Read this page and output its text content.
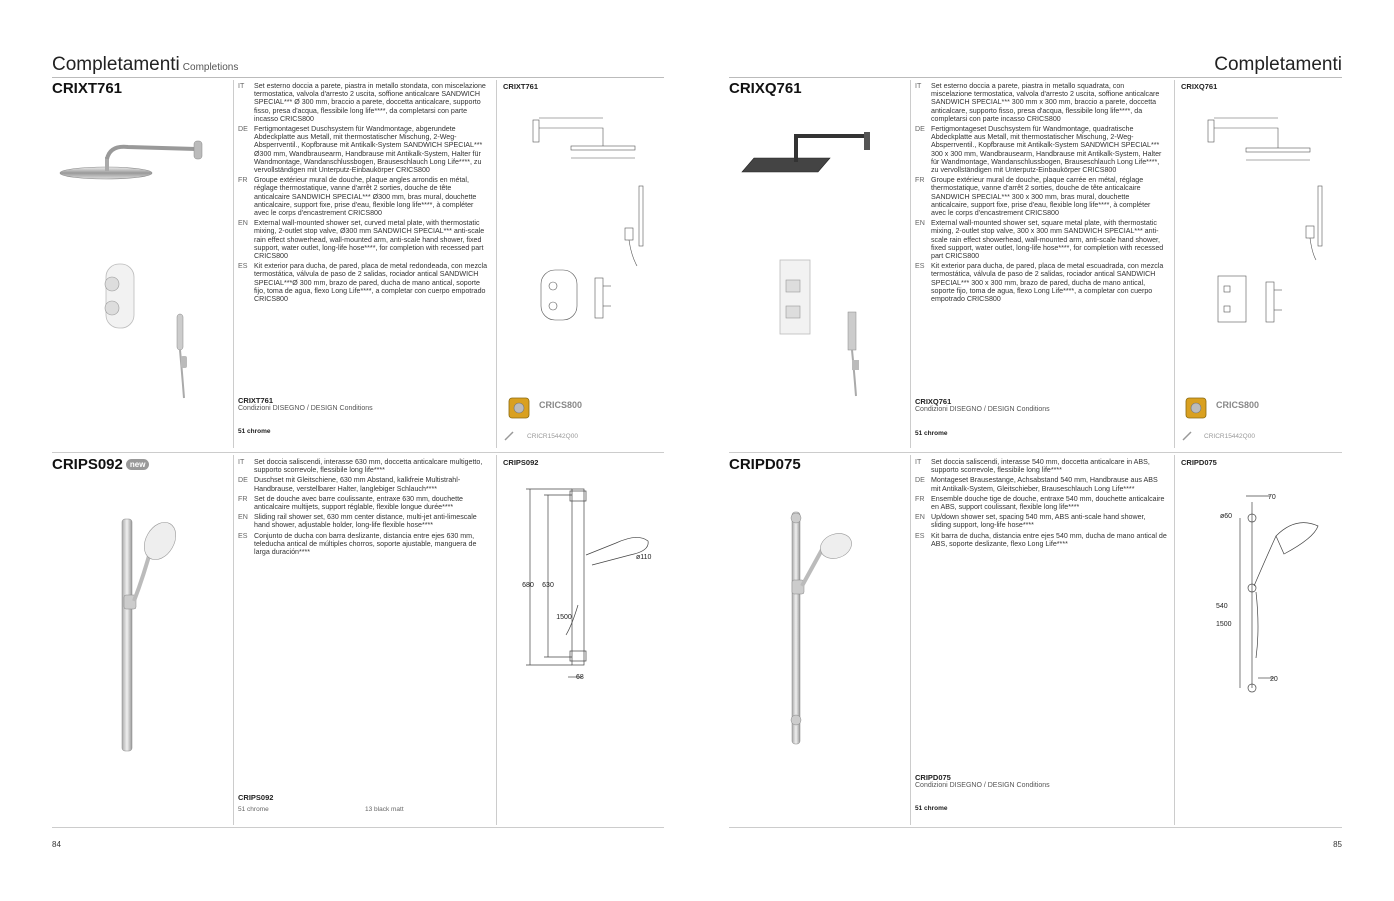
Completamenti Completions	Completamenti
CRIXT761	IT	Set esterno doccia a parete, piastra in metallo stondata, con miscelazione termostatica, valvola d'arresto 2 uscita, soffione anticalcare SANDWICH SPECIAL*** Ø 300 mm, braccio a parete, doccetta anticalcare, supporto fisso, presa d'acqua, flessibile long life****, da completarsi con parte incasso CRICS800
DE Fertigmontageset Duschsystem für Wandmontage, abgerundete Abdeckplatte aus Metall, mit thermostatischer Mischung, 2-Weg-Absperrventil., Kopfbrause mit Antikalk-System SANDWICH SPECIAL*** Ø300 mm, Wandbrausearm, Handbrause mit Antikalk-System, Halter für Wandmontage, Wandanschlussbogen, Brauseschlauch Long Life****, zu vervollständigen mit Unterputz-Einbaukörper CRICS800
FR Groupe extérieur mural de douche, plaque angles arrondis en métal, réglage thermostatique, vanne d'arrêt 2 sorties, douche de tête anticalcaire SANDWICH SPECIAL*** Ø300 mm, bras mural, douchette anticalcaire, support fixe, prise d'eau, flexible long life****, à compléter avec le corps d'encastrement CRICS800
EN External wall-mounted shower set, curved metal plate, with thermostatic mixing, 2-outlet stop valve, Ø300 mm SANDWICH SPECIAL*** anti-scale rain effect showerhead, wall-mounted arm, anti-scale hand shower, fixed support, water outlet, long-life hose****, for completion with recessed part CRICS800
ES Kit exterior para ducha, de pared, placa de metal redondeada, con mezcla termostática, válvula de paso de 2 salidas, rociador antical SANDWICH SPECIAL***Ø 300 mm, brazo de pared, ducha de mano antical, soporte fijo, toma de agua, flexo Long Life****, a completar con cuerpo empotrado CRICS800
CRIXT761
Condizioni DISEGNO / DESIGN Conditions
51 chrome
CRIXT761
CRICS800
CRICR15442Q00
CRIPS092 new	IT	Set doccia saliscendi, interasse 630 mm, doccetta anticalcare multigetto, supporto scorrevole, flessibile long life****
DE Duschset mit Gleitschiene, 630 mm Abstand, kalkfreie Multistrahl-Handbrause, verstellbarer Halter, langlebiger Schlauch****
FR Set de douche avec barre coulissante, entraxe 630 mm, douchette anticalcaire multijets, support réglable, flexible longue durée****
EN Sliding rail shower set, 630 mm center distance, multi-jet anti-limescale hand shower, adjustable holder, long-life flexible hose****
ES Conjunto de ducha con barra deslizante, distancia entre ejes 630 mm, teleducha antical de múltiples chorros, soporte ajustable, manguera de larga duración****
CRIPS092
51 chrome	13 black matt
CRIPS092
680 630
1500
ø110
68
84
CRIXQ761	IT	Set esterno doccia a parete, piastra in metallo squadrata, con miscelazione termostatica, valvola d'arresto 2 uscita, soffione anticalcare SANDWICH SPECIAL*** 300 mm x 300 mm, braccio a parete, doccetta anticalcare, supporto fisso, presa d'acqua, flessibile long life****, da completarsi con parte incasso CRICS800
DE Fertigmontageset Duschsystem für Wandmontage, quadratische Abdeckplatte aus Metall, mit thermostatischer Mischung, 2-Weg-Absperrventil., Kopfbrause mit Antikalk-System SANDWICH SPECIAL*** 300 x 300 mm, Wandbrausearm, Handbrause mit Antikalk-System, Halter für Wandmontage, Wandanschlussbogen, Brauseschlauch Long Life****, zu vervollständigen mit Unterputz-Einbaukörper CRICS800
FR Groupe extérieur mural de douche, plaque carrée en métal, réglage thermostatique, vanne d'arrêt 2 sorties, douche de tête anticalcaire SANDWICH SPECIAL*** 300 x 300 mm, bras mural, douchette anticalcaire, support fixe, prise d'eau, flexible long life****, à compléter avec le corps d'encastrement CRICS800
EN External wall-mounted shower set, square metal plate, with thermostatic mixing, 2-outlet stop valve, 300 x 300 mm SANDWICH SPECIAL*** anti-scale rain effect showerhead, wall-mounted arm, anti-scale hand shower, fixed support, water outlet, long-life hose****, for completion with recessed part CRICS800
ES Kit exterior para ducha, de pared, placa de metal escuadrada, con mezcla termostática, válvula de paso de 2 salidas, rociador antical SANDWICH SPECIAL*** 300 x 300 mm, brazo de pared, ducha de mano antical, soporte fijo, toma de agua, flexo Long Life****, a completar con cuerpo empotrado CRICS800
CRIXQ761
Condizioni DISEGNO / DESIGN Conditions
51 chrome
CRIXQ761
CRICS800
CRICR15442Q00
CRIPD075	IT	Set doccia saliscendi, interasse 540 mm, doccetta anticalcare in ABS, supporto scorrevole, flessibile long life****
DE Montageset Brausestange, Achsabstand 540 mm, Handbrause aus ABS mit Antikalk-System, Gleitschieber, Brauseschlauch Long Life****
FR Ensemble douche tige de douche, entraxe 540 mm, douchette anticalcaire en ABS, support coulissant, flexible long life****
EN Up/down shower set, spacing 540 mm, ABS anti-scale hand shower, sliding support, long-life hose****
ES Kit barra de ducha, distancia entre ejes 540 mm, ducha de mano antical de ABS, soporte deslizante, flexo Long Life****
CRIPD075
Condizioni DISEGNO / DESIGN Conditions
51 chrome
CRIPD075
70
ø60
540
1500
20
85
